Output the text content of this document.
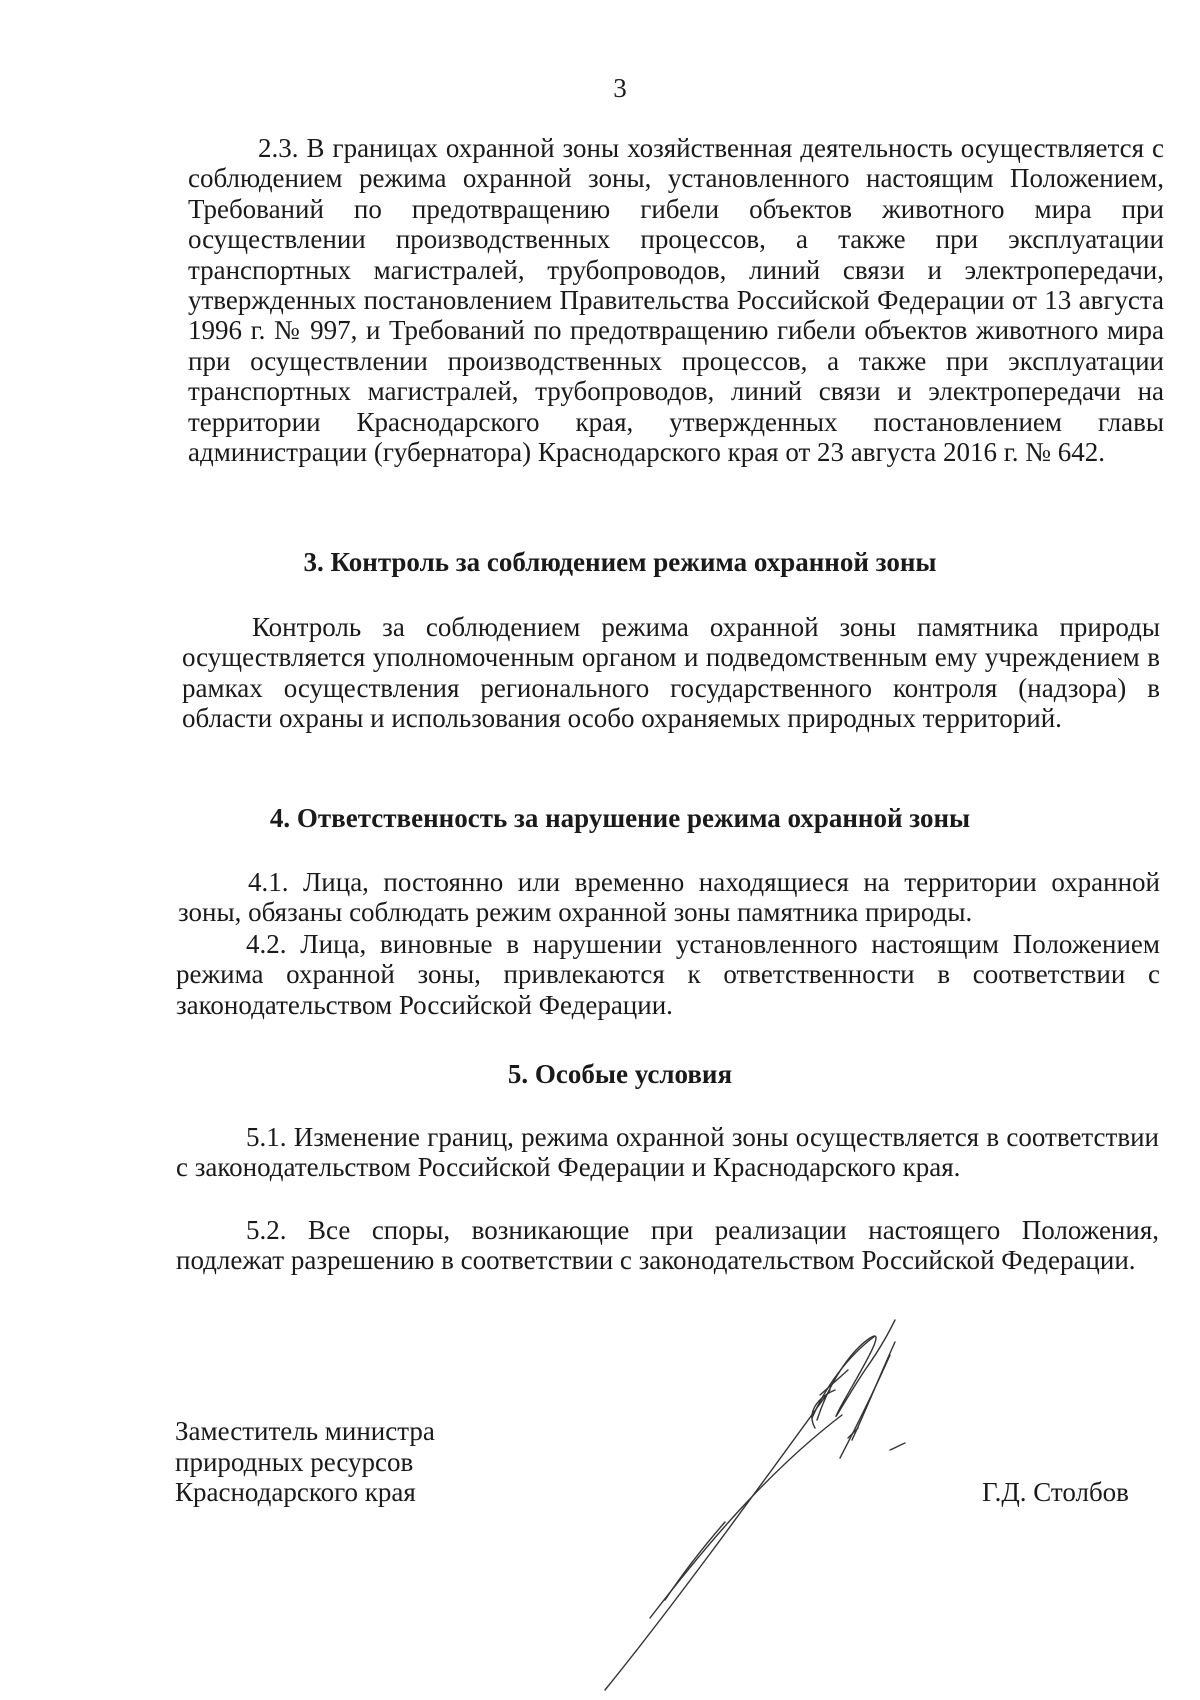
3

2.3. В границах охранной зоны хозяйственная деятельность осуществляется с соблюдением режима охранной зоны, установленного настоящим Положением, Требований по предотвращению гибели объектов животного мира при осуществлении производственных процессов, а также при эксплуатации транспортных магистралей, трубопроводов, линий связи и электропередачи, утвержденных постановлением Правительства Российской Федерации от 13 августа 1996 г. № 997, и Требований по предотвращению гибели объектов животного мира при осуществлении производственных процессов, а также при эксплуатации транспортных магистралей, трубопроводов, линий связи и электропередачи на территории Краснодарского края, утвержденных постановлением главы администрации (губернатора) Краснодарского края от 23 августа 2016 г. № 642.

3. Контроль за соблюдением режима охранной зоны

Контроль за соблюдением режима охранной зоны памятника природы осуществляется уполномоченным органом и подведомственным ему учреждением в рамках осуществления регионального государственного контроля (надзора) в области охраны и использования особо охраняемых природных территорий.

4. Ответственность за нарушение режима охранной зоны

4.1. Лица, постоянно или временно находящиеся на территории охранной зоны, обязаны соблюдать режим охранной зоны памятника природы.

4.2. Лица, виновные в нарушении установленного настоящим Положением режима охранной зоны, привлекаются к ответственности в соответствии с законодательством Российской Федерации.

5. Особые условия

5.1. Изменение границ, режима охранной зоны осуществляется в соответствии с законодательством Российской Федерации и Краснодарского края.

5.2. Все споры, возникающие при реализации настоящего Положения, подлежат разрешению в соответствии с законодательством Российской Федерации.

Заместитель министра
природных ресурсов
Краснодарского края	Г.Д. Столбов
